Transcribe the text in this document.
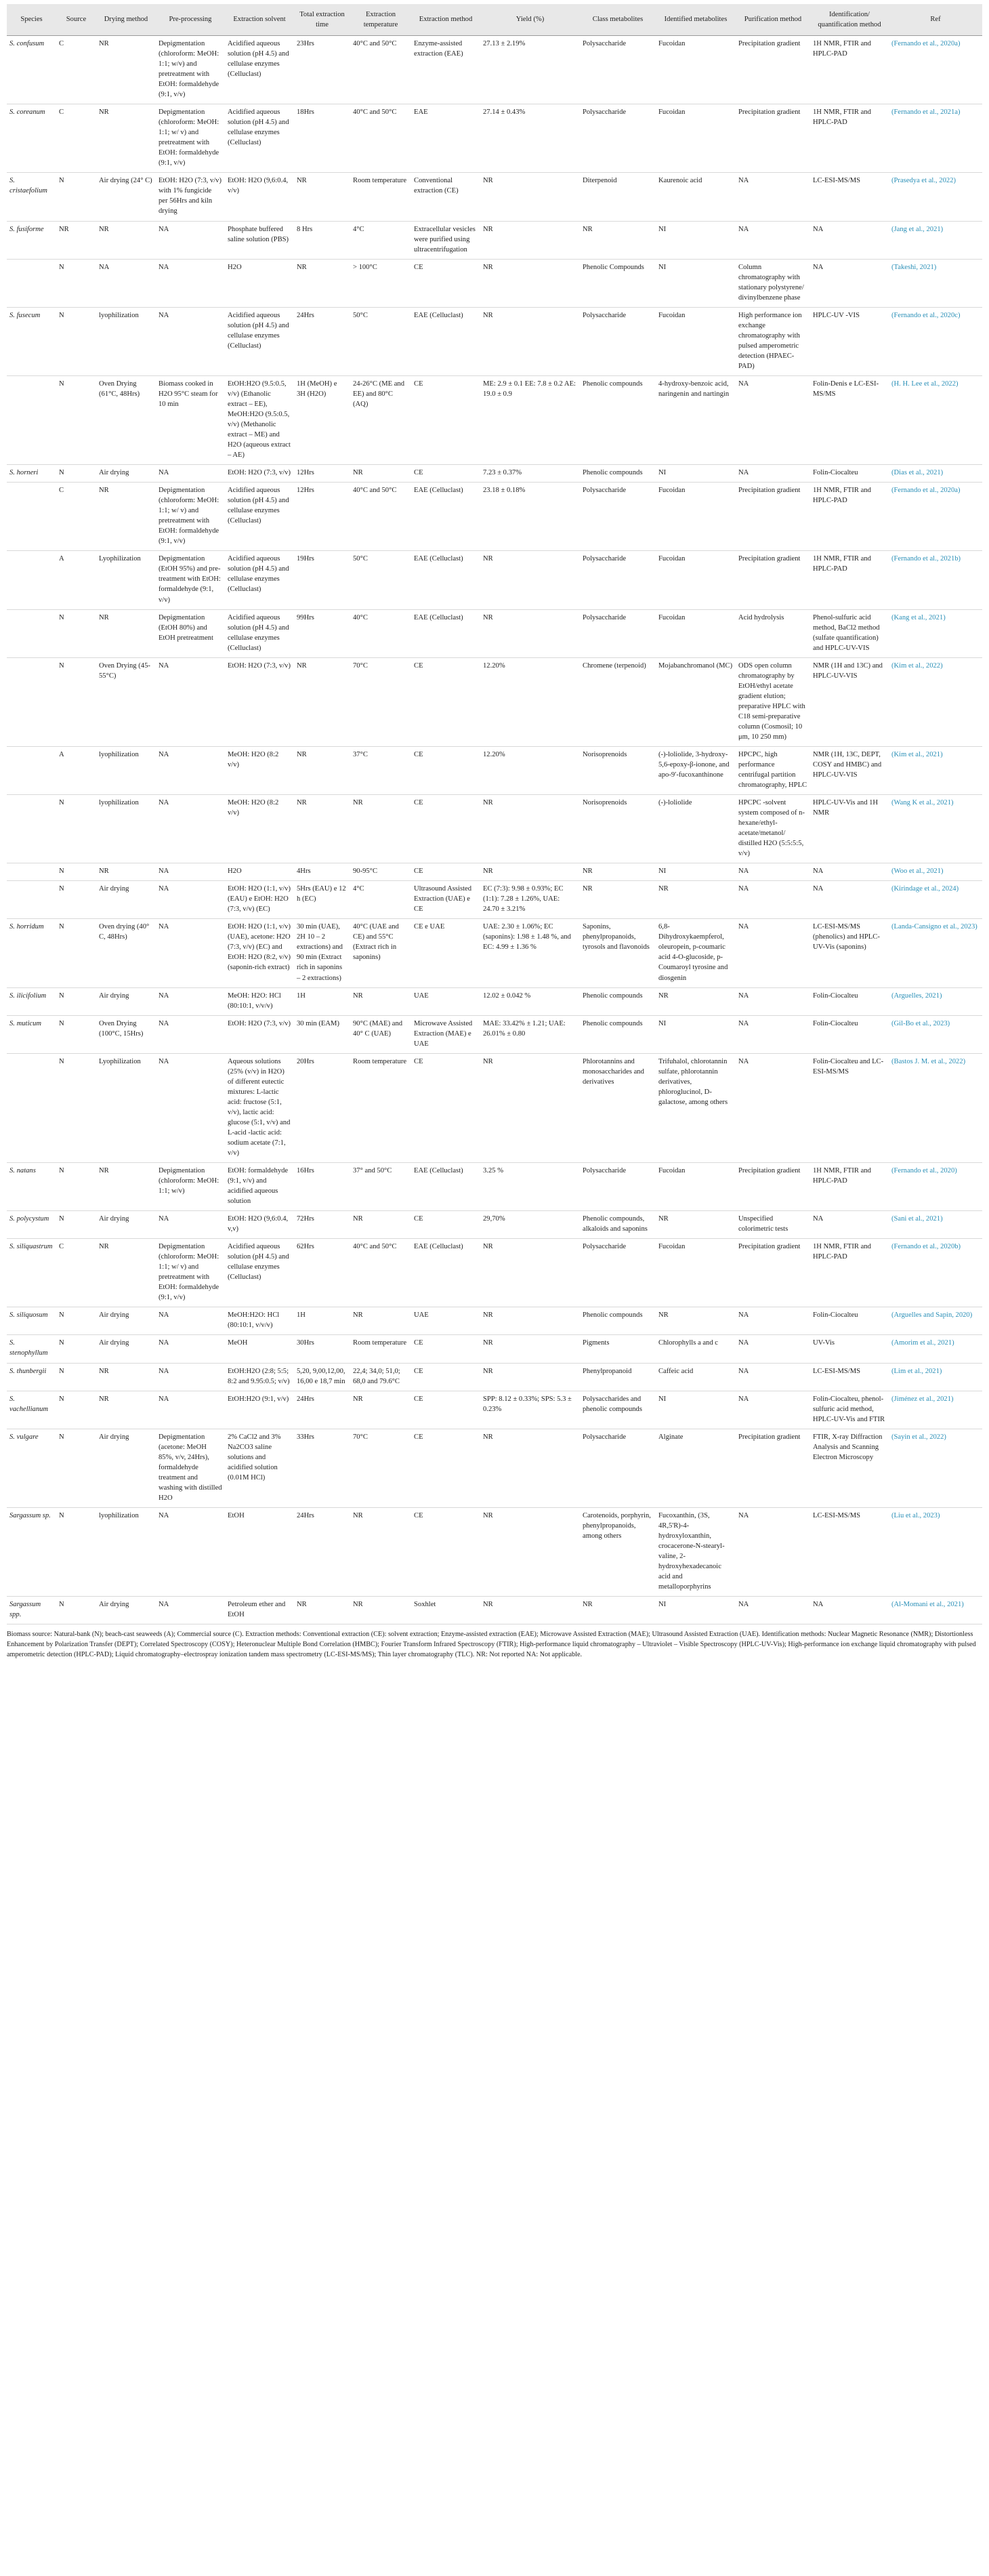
Species	Source	Drying method	Pre-processing	Extraction solvent	Total extraction time	Extraction temperature	Extraction method	Yield (%)	Class metabolites	Identified metabolites	Purification method	Identification/ quantification method	Ref
S. confusum	C	NR	Depigmentation (chloroform: MeOH: 1:1; w/v) and pretreatment with EtOH: formaldehyde (9:1, v/v)	Acidified aqueous solution (pH 4.5) and cellulase enzymes (Celluclast)	23Hrs	40°C and 50°C	Enzyme-assisted extraction (EAE)	27.13 ± 2.19%	Polysaccharide	Fucoidan	Precipitation gradient	1H NMR, FTIR and HPLC-PAD	(Fernando et al., 2020a)
S. coreanum	C	NR	Depigmentation (chloroform: MeOH: 1:1; w/ v) and pretreatment with EtOH: formaldehyde (9:1, v/v)	Acidified aqueous solution (pH 4.5) and cellulase enzymes (Celluclast)	18Hrs	40°C and 50°C	EAE	27.14 ± 0.43%	Polysaccharide	Fucoidan	Precipitation gradient	1H NMR, FTIR and HPLC-PAD	(Fernando et al., 2021a)
S. cristaefolium	N	Air drying (24° C)	EtOH: H2O (7:3, v/v) with 1% fungicide per 56Hrs and kiln drying	EtOH: H2O (9,6:0.4, v/v)	NR	Room temperature	Conventional extraction (CE)	NR	Diterpenoid	Kaurenoic acid	NA	LC-ESI-MS/MS	(Prasedya et al., 2022)
S. fusiforme	NR	NR	NA	Phosphate buffered saline solution (PBS)	8 Hrs	4°C	Extracellular vesicles were purified using ultracentrifugation	NR	NR	NI	NA	NA	(Jang et al., 2021)
	N	NA	NA	H2O	NR	> 100°C	CE	NR	Phenolic Compounds	NI	Column chromatography with stationary polystyrene/ divinylbenzene phase	NA	(Takeshi, 2021)
S. fusecum	N	lyophilization	NA	Acidified aqueous solution (pH 4.5) and cellulase enzymes (Celluclast)	24Hrs	50°C	EAE (Celluclast)	NR	Polysaccharide	Fucoidan	High performance ion exchange chromatography with pulsed amperometric detection (HPAEC-PAD)	HPLC-UV -VIS	(Fernando et al., 2020c)
	N	Oven Drying (61°C, 48Hrs)	Biomass cooked in H2O 95°C steam for 10 min	EtOH:H2O (9.5:0.5, v/v) (Ethanolic extract – EE), MeOH:H2O (9.5:0.5, v/v) (Methanolic extract – ME) and H2O (aqueous extract – AE)	1H (MeOH) e 3H (H2O)	24-26°C (ME and EE) and 80°C (AQ)	CE	ME: 2.9 ± 0.1 EE: 7.8 ± 0.2 AE: 19.0 ± 0.9	Phenolic compounds	4-hydroxy-benzoic acid, naringenin and nartingin	NA	Folin-Denis e LC-ESI-MS/MS	(H. H. Lee et al., 2022)
S. horneri	N	Air drying	NA	EtOH: H2O (7:3, v/v)	12Hrs	NR	CE	7.23 ± 0.37%	Phenolic compounds	NI	NA	Folin-Ciocalteu	(Dias et al., 2021)
	C	NR	Depigmentation (chloroform: MeOH: 1:1; w/ v) and pretreatment with EtOH: formaldehyde (9:1, v/v)	Acidified aqueous solution (pH 4.5) and cellulase enzymes (Celluclast)	12Hrs	40°C and 50°C	EAE (Celluclast)	23.18 ± 0.18%	Polysaccharide	Fucoidan	Precipitation gradient	1H NMR, FTIR and HPLC-PAD	(Fernando et al., 2020a)
	A	Lyophilization	Depigmentation (EtOH 95%) and pre-treatment with EtOH: formaldehyde (9:1, v/v)	Acidified aqueous solution (pH 4.5) and cellulase enzymes (Celluclast)	19Hrs	50°C	EAE (Celluclast)	NR	Polysaccharide	Fucoidan	Precipitation gradient	1H NMR, FTIR and HPLC-PAD	(Fernando et al., 2021b)
	N	NR	Depigmentation (EtOH 80%) and EtOH pretreatment	Acidified aqueous solution (pH 4.5) and cellulase enzymes (Celluclast)	99Hrs	40°C	EAE (Celluclast)	NR	Polysaccharide	Fucoidan	Acid hydrolysis	Phenol-sulfuric acid method, BaCl2 method (sulfate quantification) and HPLC-UV-VIS	(Kang et al., 2021)
	N	Oven Drying (45-55°C)	NA	EtOH: H2O (7:3, v/v)	NR	70°C	CE	12.20%	Chromene (terpenoid)	Mojabanchromanol (MC)	ODS open column chromatography by EtOH/ethyl acetate gradient elution; preparative HPLC with C18 semi-preparative column (Cosmosil; 10 μm, 10 250 mm)	NMR (1H and 13C) and HPLC-UV-VIS	(Kim et al., 2022)
	A	lyophilization	NA	MeOH: H2O (8:2 v/v)	NR	37°C	CE	12.20%	Norisoprenoids	(-)-loliolide, 3-hydroxy-5,6-epoxy-β-ionone, and apo-9′-fucoxanthinone	HPCPC, high performance centrifugal partition chromatography, HPLC	NMR (1H, 13C, DEPT, COSY and HMBC) and HPLC-UV-VIS	(Kim et al., 2021)
	N	lyophilization	NA	MeOH: H2O (8:2 v/v)	NR	NR	CE	NR	Norisoprenoids	(-)-loliolide	HPCPC -solvent system composed of n-hexane/ethyl-acetate/metanol/ distilled H2O (5:5:5:5, v/v)	HPLC-UV-Vis and 1H NMR	(Wang K et al., 2021)
	N	NR	NA	H2O	4Hrs	90-95°C	CE	NR	NR	NI	NA	NA	(Woo et al., 2021)
	N	Air drying	NA	EtOH: H2O (1:1, v/v) (EAU) e EtOH: H2O (7:3, v/v) (EC)	5Hrs (EAU) e 12 h (EC)	4°C	Ultrasound Assisted Extraction (UAE) e CE	EC (7:3): 9.98 ± 0.93%; EC (1:1): 7.28 ± 1.26%, UAE: 24.70 ± 3.21%	NR	NR	NA	NA	(Kirindage et al., 2024)
S. horridum	N	Oven drying (40° C, 48Hrs)	NA	EtOH: H2O (1:1, v/v) (UAE), acetone: H2O (7:3, v/v) (EC) and EtOH: H2O (8:2, v/v) (saponin-rich extract)	30 min (UAE), 2H 10 – 2 extractions) and 90 min (Extract rich in saponins – 2 extractions)	40°C (UAE and CE) and 55°C (Extract rich in saponins)	CE e UAE	UAE: 2.30 ± 1.06%; EC (saponins): 1.98 ± 1.48 %, and EC: 4.99 ± 1.36 %	Saponins, phenylpropanoids, tyrosols and flavonoids	6,8-Dihydroxykaempferol, oleuropein, p-coumaric acid 4-O-glucoside, p-Coumaroyl tyrosine and diosgenin	NA	LC-ESI-MS/MS (phenolics) and HPLC-UV-Vis (saponins)	(Landa-Cansigno et al., 2023)
S. ilicifolium	N	Air drying	NA	MeOH: H2O: HCl (80:10:1, v/v/v)	1H	NR	UAE	12.02 ± 0.042 %	Phenolic compounds	NR	NA	Folin-Ciocalteu	(Arguelles, 2021)
S. muticum	N	Oven Drying (100°C, 15Hrs)	NA	EtOH: H2O (7:3, v/v)	30 min (EAM)	90°C (MAE) and 40° C (UAE)	Microwave Assisted Extraction (MAE) e UAE	MAE: 33.42% ± 1.21; UAE: 26.01% ± 0.80	Phenolic compounds	NI	NA	Folin-Ciocalteu	(Gil-Bo et al., 2023)
	N	Lyophilization	NA	Aqueous solutions (25% (v/v) in H2O) of different eutectic mixtures: L-lactic acid: fructose (5:1, v/v), lactic acid: glucose (5:1, v/v) and L-acid -lactic acid: sodium acetate (7:1, v/v)	20Hrs	Room temperature	CE	NR	Phlorotannins and monosaccharides and derivatives	Trifuhalol, chlorotannin sulfate, phlorotannin derivatives, phloroglucinol, D-galactose, among others	NA	Folin-Ciocalteu and LC-ESI-MS/MS	(Bastos J. M. et al., 2022)
S. natans	N	NR	Depigmentation (chloroform: MeOH: 1:1; w/v)	EtOH: formaldehyde (9:1, v/v) and acidified aqueous solution	16Hrs	37° and 50°C	EAE (Celluclast)	3.25 %	Polysaccharide	Fucoidan	Precipitation gradient	1H NMR, FTIR and HPLC-PAD	(Fernando et al., 2020)
S. polycystum	N	Air drying	NA	EtOH: H2O (9,6:0.4, v,v)	72Hrs	NR	CE	29,70%	Phenolic compounds, alkaloids and saponins	NR	Unspecified colorimetric tests	NA	(Sani et al., 2021)
S. siliquastrum	C	NR	Depigmentation (chloroform: MeOH: 1:1; w/ v) and pretreatment with EtOH: formaldehyde (9:1, v/v)	Acidified aqueous solution (pH 4.5) and cellulase enzymes (Celluclast)	62Hrs	40°C and 50°C	EAE (Celluclast)	NR	Polysaccharide	Fucoidan	Precipitation gradient	1H NMR, FTIR and HPLC-PAD	(Fernando et al., 2020b)
S. siliquosum	N	Air drying	NA	MeOH:H2O: HCl (80:10:1, v/v/v)	1H	NR	UAE	NR	Phenolic compounds	NR	NA	Folin-Ciocalteu	(Arguelles and Sapin, 2020)
S. stenophyllum	N	Air drying	NA	MeOH	30Hrs	Room temperature	CE	NR	Pigments	Chlorophylls a and c	NA	UV-Vis	(Amorim et al., 2021)
S. thunbergii	N	NR	NA	EtOH:H2O (2:8; 5:5; 8:2 and 9.95:0.5; v/v)	5,20, 9,00,12,00, 16,00 e 18,7 min	22,4; 34,0; 51,0; 68,0 and 79.6°C	CE	NR	Phenylpropanoid	Caffeic acid	NA	LC-ESI-MS/MS	(Lim et al., 2021)
S. vachellianum	N	NR	NA	EtOH:H2O (9:1, v/v)	24Hrs	NR	CE	SPP: 8.12 ± 0.33%; SPS: 5.3 ± 0.23%	Polysaccharides and phenolic compounds	NI	NA	Folin-Ciocalteu, phenol-sulfuric acid method, HPLC-UV-Vis and FTIR	(Jiménez et al., 2021)
S. vulgare	N	Air drying	Depigmentation (acetone: MeOH 85%, v/v, 24Hrs), formaldehyde treatment and washing with distilled H2O	2% CaCl2 and 3% Na2CO3 saline solutions and acidified solution (0.01M HCl)	33Hrs	70°C	CE	NR	Polysaccharide	Alginate	Precipitation gradient	FTIR, X-ray Diffraction Analysis and Scanning Electron Microscopy	(Sayin et al., 2022)
Sargassum sp.	N	lyophilization	NA	EtOH	24Hrs	NR	CE	NR	Carotenoids, porphyrin, phenylpropanoids, among others	Fucoxanthin, (3S, 4R,5'R)-4-hydroxyloxanthin, crocacerone-N-stearyl-valine, 2-hydroxyhexadecanoic acid and metalloporphyrins	NA	LC-ESI-MS/MS	(Liu et al., 2023)
Sargassum spp.	N	Air drying	NA	Petroleum ether and EtOH	NR	NR	Soxhlet	NR	NR	NI	NA	NA	(Al-Momani et al., 2021)
Biomass source: Natural-bank (N); beach-cast seaweeds (A); Commercial source (C). Extraction methods: Conventional extraction (CE): solvent extraction; Enzyme-assisted extraction (EAE); Microwave Assisted Extraction (MAE); Ultrasound Assisted Extraction (UAE). Identification methods: Nuclear Magnetic Resonance (NMR); Distortionless Enhancement by Polarization Transfer (DEPT); Correlated Spectroscopy (COSY); Heteronuclear Multiple Bond Correlation (HMBC); Fourier Transform Infrared Spectroscopy (FTIR); High-performance liquid chromatography – Ultraviolet – Visible Spectroscopy (HPLC-UV-Vis); High-performance ion exchange liquid chromatography with pulsed amperometric detection (HPLC-PAD); Liquid chromatography–electrospray ionization tandem mass spectrometry (LC-ESI-MS/MS); Thin layer chromatography (TLC). NR: Not reported NA: Not applicable.
